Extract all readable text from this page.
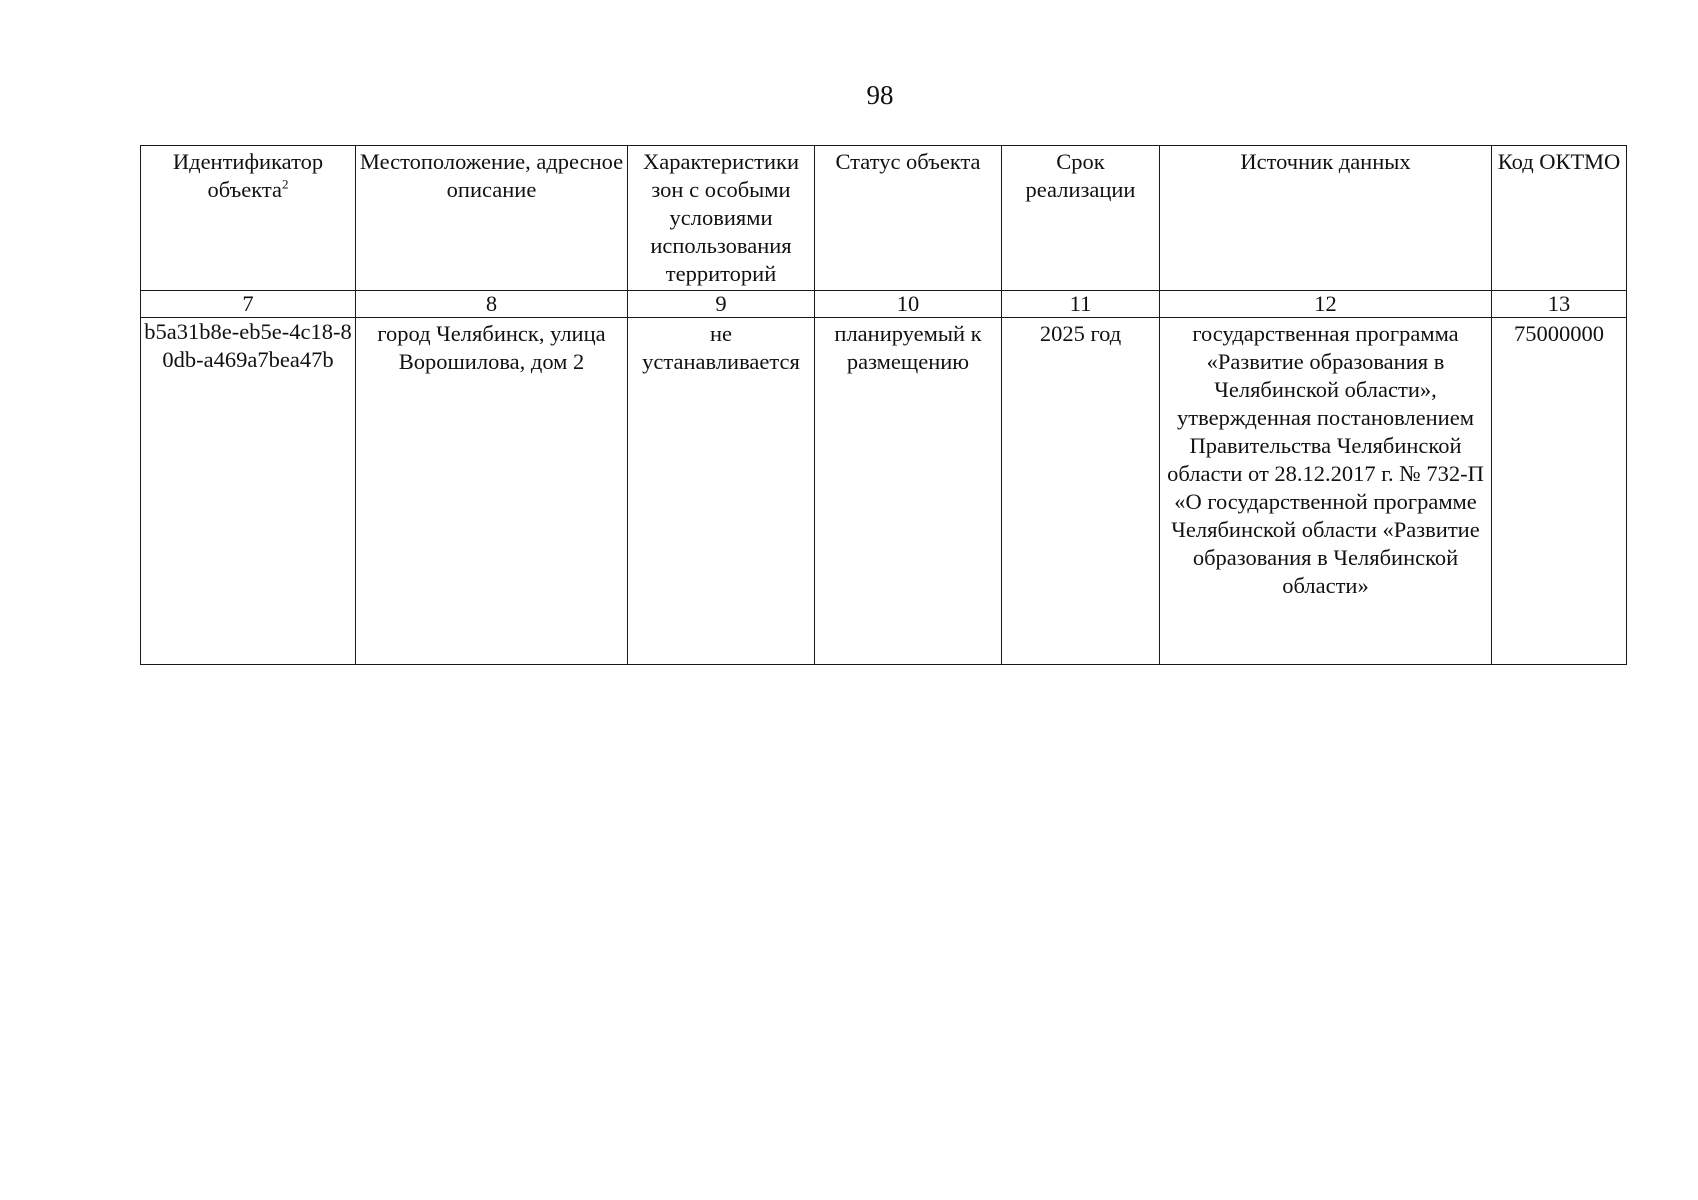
98
Идентификатор объекта$^2$	Местоположение, адресное описание	Характеристики зон с особыми условиями использования территорий	Статус объекта	Срок реализации	Источник данных	Код ОКТМО
7	8	9	10	11	12	13
b5a31b8e-eb5e-4c18-80db-a469a7bea47b	город Челябинск, улица Ворошилова, дом 2	не устанавливается	планируемый к размещению	2025 год	государственная программа «Развитие образования в Челябинской области», утвержденная постановлением Правительства Челябинской области от 28.12.2017 г. № 732-П «О государственной программе Челябинской области «Развитие образования в Челябинской области»	75000000
